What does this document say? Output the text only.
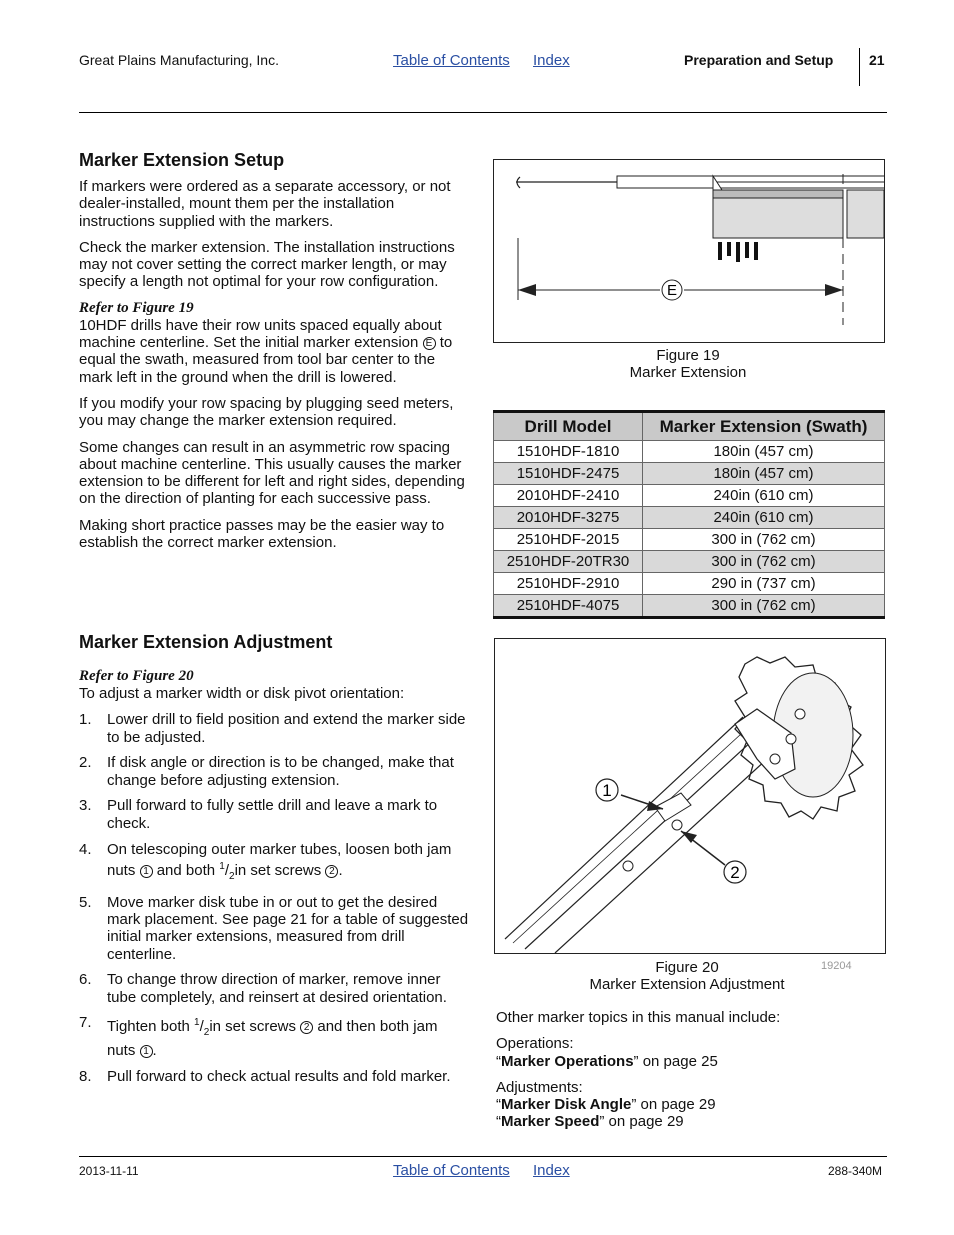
Great Plains Manufacturing, Inc.	Table of Contents Index	Preparation and Setup	21
Marker Extension Setup

If markers were ordered as a separate accessory, or not dealer-installed, mount them per the installation instructions supplied with the markers.

Check the marker extension. The installation instructions may not cover setting the correct marker length, or may specify a length not optimal for your row configuration.

Refer to Figure 19

10HDF drills have their row units spaced equally about machine centerline. Set the initial marker extension E to equal the swath, measured from tool bar center to the mark left in the ground when the drill is lowered.

If you modify your row spacing by plugging seed meters, you may change the marker extension required.

Some changes can result in an asymmetric row spacing about machine centerline. This usually causes the marker extension to be different for left and right sides, depending on the direction of planting for each successive pass.

Making short practice passes may be the easier way to establish the correct marker extension.

Marker Extension Adjustment
Refer to Figure 20

To adjust a marker width or disk pivot orientation:

1. Lower drill to field position and extend the marker side to be adjusted.
2. If disk angle or direction is to be changed, make that change before adjusting extension.
3. Pull forward to fully settle drill and leave a mark to check.
4. On telescoping outer marker tubes, loosen both jam nuts 1 and both $^1/_2in$ set screws 2 .
5. Move marker disk tube in or out to get the desired mark placement. See page 21 for a table of suggested initial marker extensions, measured from drill centerline.
6. To change throw direction of marker, remove inner tube completely, and reinsert at desired orientation.
7. Tighten both $^1/_2in$ set screws 2 and then both jam nuts 1 .
8. Pull forward to check actual results and fold marker.
E
Figure 19
Marker Extension
Drill Model	Marker Extension (Swath)
1510HDF-1810	180in (457 cm)
1510HDF-2475	180in (457 cm)
2010HDF-2410	240in (610 cm)
2010HDF-3275	240in (610 cm)
2510HDF-2015	300 in (762 cm)
2510HDF-20TR30	300 in (762 cm)
2510HDF-2910	290 in (737 cm)
2510HDF-4075	300 in (762 cm)
1
2
Figure 20
Marker Extension Adjustment
19204
Other marker topics in this manual include:
Operations:
“Marker Operations” on page 25
Adjustments:
“Marker Disk Angle” on page 29
“Marker Speed” on page 29
2013-11-11	Table of Contents Index	288-340M
